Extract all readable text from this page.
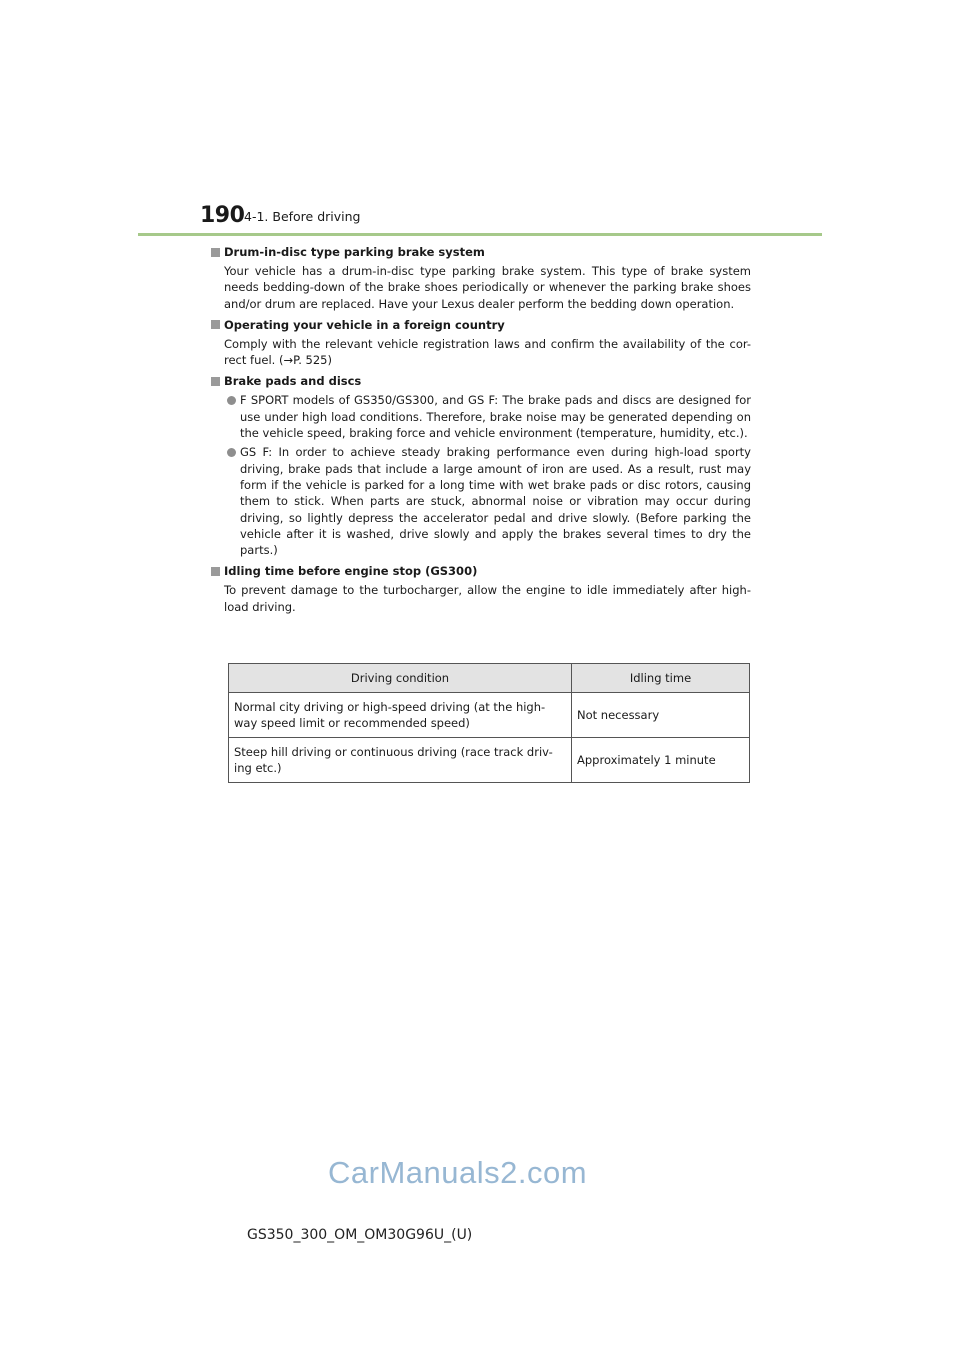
190 4-1. Before driving
Drum-in-disc type parking brake system

Your vehicle has a drum-in-disc type parking brake system. This type of brake system needs bedding-down of the brake shoes periodically or whenever the parking brake shoes and/or drum are replaced. Have your Lexus dealer perform the bedding down operation.

Operating your vehicle in a foreign country

Comply with the relevant vehicle registration laws and confirm the availability of the cor- rect fuel. (→P. 525)

Brake pads and discs
F SPORT models of GS350/GS300, and GS F: The brake pads and discs are designed for use under high load conditions. Therefore, brake noise may be generated depending on the vehicle speed, braking force and vehicle environment (temperature, humidity, etc.).
GS F: In order to achieve steady braking performance even during high-load sporty driving, brake pads that include a large amount of iron are used. As a result, rust may form if the vehicle is parked for a long time with wet brake pads or disc rotors, causing them to stick. When parts are stuck, abnormal noise or vibration may occur during driving, so lightly depress the accelerator pedal and drive slowly. (Before parking the vehicle after it is washed, drive slowly and apply the brakes several times to dry the parts.)
Idling time before engine stop (GS300)

To prevent damage to the turbocharger, allow the engine to idle immediately after high- load driving.

Driving condition	Idling time
Normal city driving or high-speed driving (at the high- way speed limit or recommended speed)	Not necessary
Steep hill driving or continuous driving (race track driv- ing etc.)	Approximately 1 minute
CarManuals2.com
GS350_300_OM_OM30G96U_(U)
